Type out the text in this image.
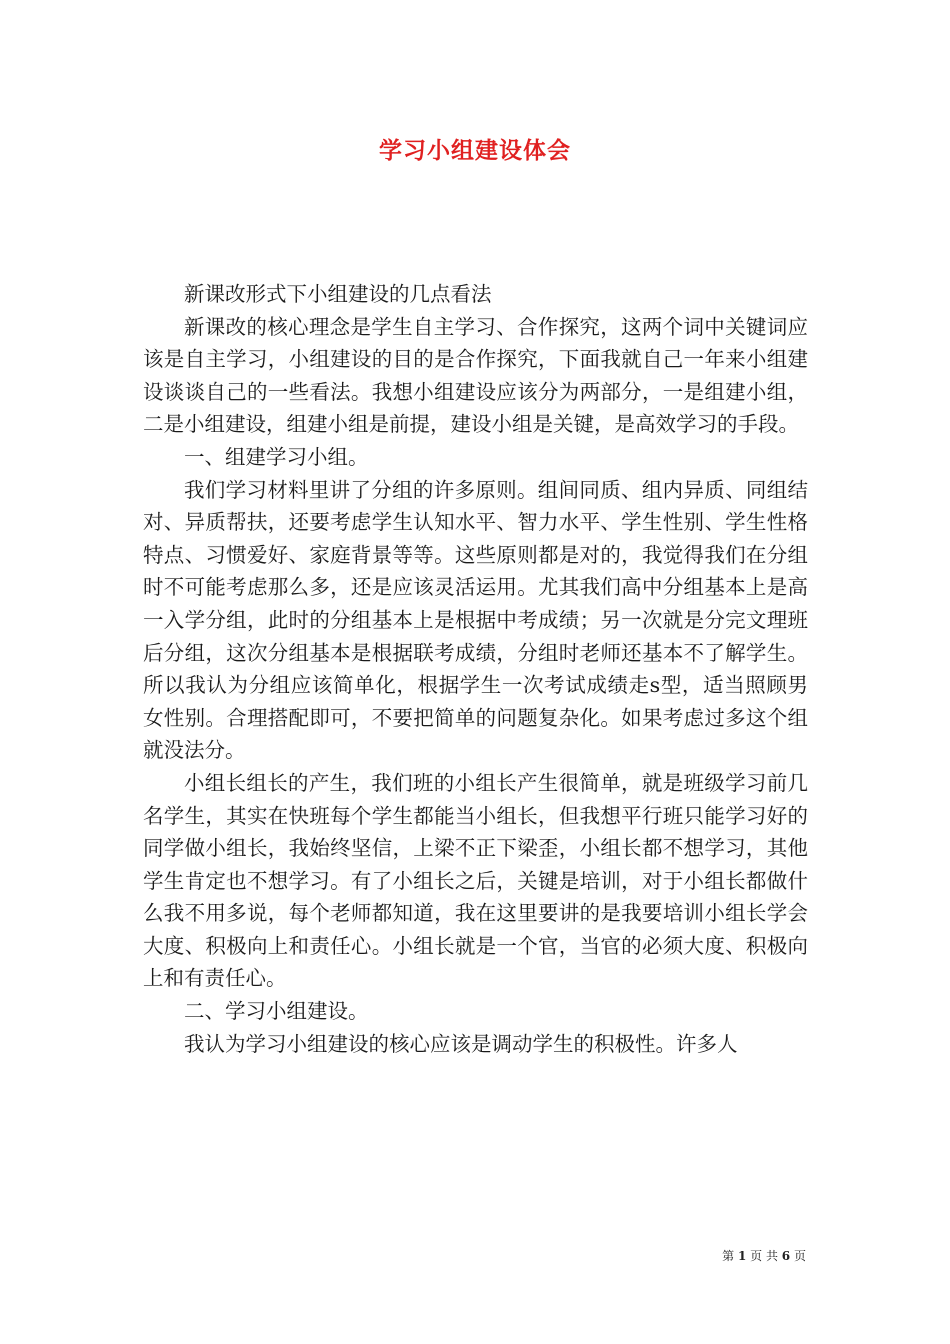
学习小组建设体会

新课改形式下小组建设的几点看法

新课改的核心理念是学生自主学习、合作探究，这两个词中关键词应该是自主学习，小组建设的目的是合作探究，下面我就自己一年来小组建设谈谈自己的一些看法。我想小组建设应该分为两部分，一是组建小组，二是小组建设，组建小组是前提，建设小组是关键，是高效学习的手段。

一、组建学习小组。

我们学习材料里讲了分组的许多原则。组间同质、组内异质、同组结对、异质帮扶，还要考虑学生认知水平、智力水平、学生性别、学生性格特点、习惯爱好、家庭背景等等。这些原则都是对的，我觉得我们在分组时不可能考虑那么多，还是应该灵活运用。尤其我们高中分组基本上是高一入学分组，此时的分组基本上是根据中考成绩；另一次就是分完文理班后分组，这次分组基本是根据联考成绩，分组时老师还基本不了解学生。所以我认为分组应该简单化，根据学生一次考试成绩走s型，适当照顾男女性别。合理搭配即可，不要把简单的问题复杂化。如果考虑过多这个组就没法分。

小组长组长的产生，我们班的小组长产生很简单，就是班级学习前几名学生，其实在快班每个学生都能当小组长，但我想平行班只能学习好的同学做小组长，我始终坚信，上梁不正下梁歪，小组长都不想学习，其他学生肯定也不想学习。有了小组长之后，关键是培训，对于小组长都做什么我不用多说，每个老师都知道，我在这里要讲的是我要培训小组长学会大度、积极向上和责任心。小组长就是一个官，当官的必须大度、积极向上和有责任心。

二、学习小组建设。

我认为学习小组建设的核心应该是调动学生的积极性。许多人

第 1 页 共 6 页
